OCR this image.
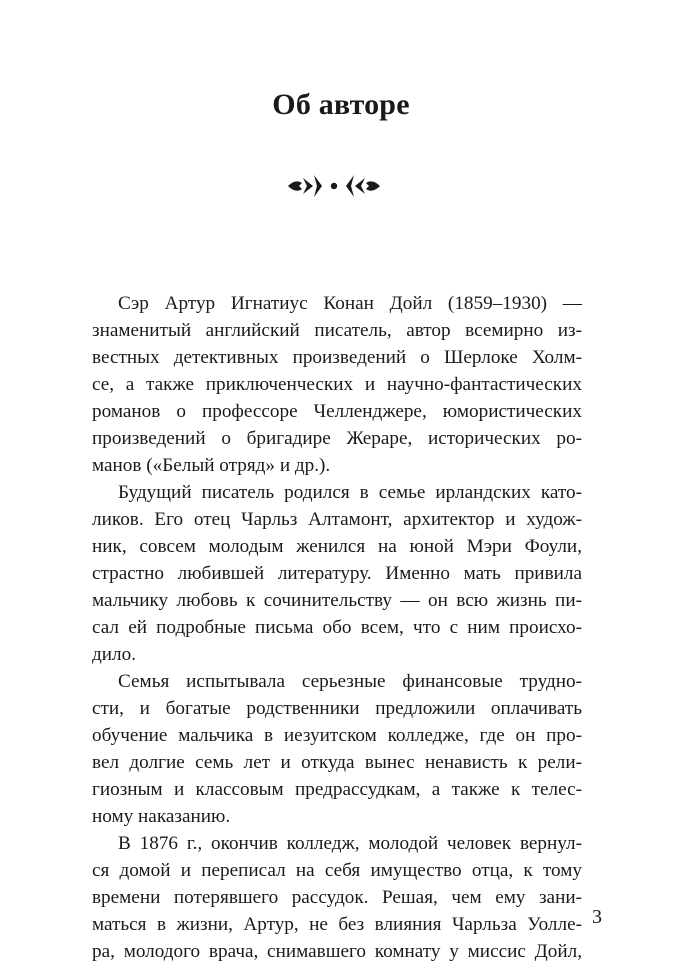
Об авторе
Сэр Артур Игнатиус Конан Дойл (1859–1930) —
знаменитый английский писатель, автор всемирно из-
вестных детективных произведений о Шерлоке Холм-
се, а также приключенческих и научно-фантастических
романов о профессоре Челленджере, юмористических
произведений о бригадире Жераре, исторических ро-
манов («Белый отряд» и др.).
Будущий писатель родился в семье ирландских като-
ликов. Его отец Чарльз Алтамонт, архитектор и худож-
ник, совсем молодым женился на юной Мэри Фоули,
страстно любившей литературу. Именно мать привила
мальчику любовь к сочинительству — он всю жизнь пи-
сал ей подробные письма обо всем, что с ним происхо-
дило.
Семья испытывала серьезные финансовые трудно-
сти, и богатые родственники предложили оплачивать
обучение мальчика в иезуитском колледже, где он про-
вел долгие семь лет и откуда вынес ненависть к рели-
гиозным и классовым предрассудкам, а также к телес-
ному наказанию.
В 1876 г., окончив колледж, молодой человек вернул-
ся домой и переписал на себя имущество отца, к тому
времени потерявшего рассудок. Решая, чем ему зани-
маться в жизни, Артур, не без влияния Чарльза Уолле-
ра, молодого врача, снимавшего комнату у миссис Дойл,
3
